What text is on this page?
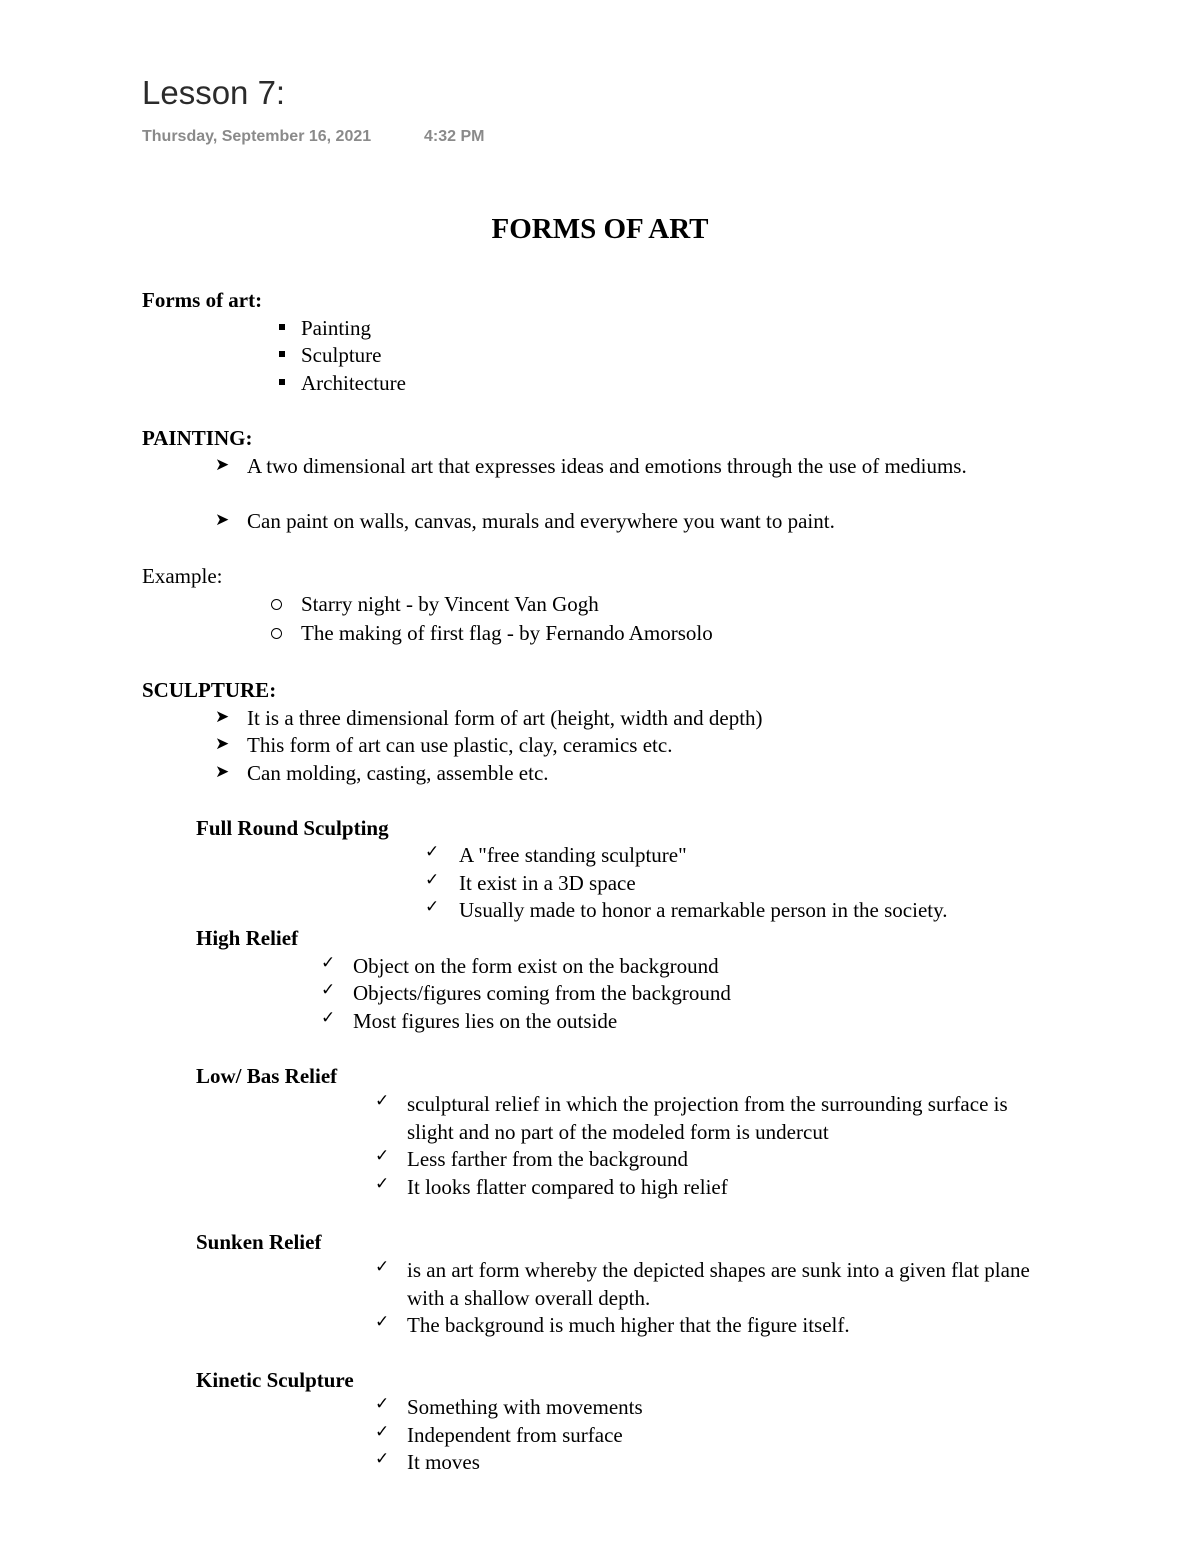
Lesson 7:
Thursday, September 16, 2021	4:32 PM
FORMS OF ART
Forms of art:
Painting
Sculpture
Architecture
PAINTING:
➤ A two dimensional art that expresses ideas and emotions through the use of mediums.
➤ Can paint on walls, canvas, murals and everywhere you want to paint.
Example:
Starry night - by Vincent Van Gogh
The making of first flag - by Fernando Amorsolo
SCULPTURE:
➤ It is a three dimensional form of art (height, width and depth)
➤ This form of art can use plastic, clay, ceramics etc.
➤ Can molding, casting, assemble etc.
Full Round Sculpting
✓ A "free standing sculpture"
✓ It exist in a 3D space
✓ Usually made to honor a remarkable person in the society.
High Relief
✓ Object on the form exist on the background
✓ Objects/figures coming from the background
✓ Most figures lies on the outside
Low/ Bas Relief
✓ sculptural relief in which the projection from the surrounding surface is slight and no part of the modeled form is undercut
✓ Less farther from the background
✓ It looks flatter compared to high relief
Sunken Relief
✓ is an art form whereby the depicted shapes are sunk into a given flat plane with a shallow overall depth.
✓ The background is much higher that the figure itself.
Kinetic Sculpture
✓ Something with movements
✓ Independent from surface
✓ It moves
